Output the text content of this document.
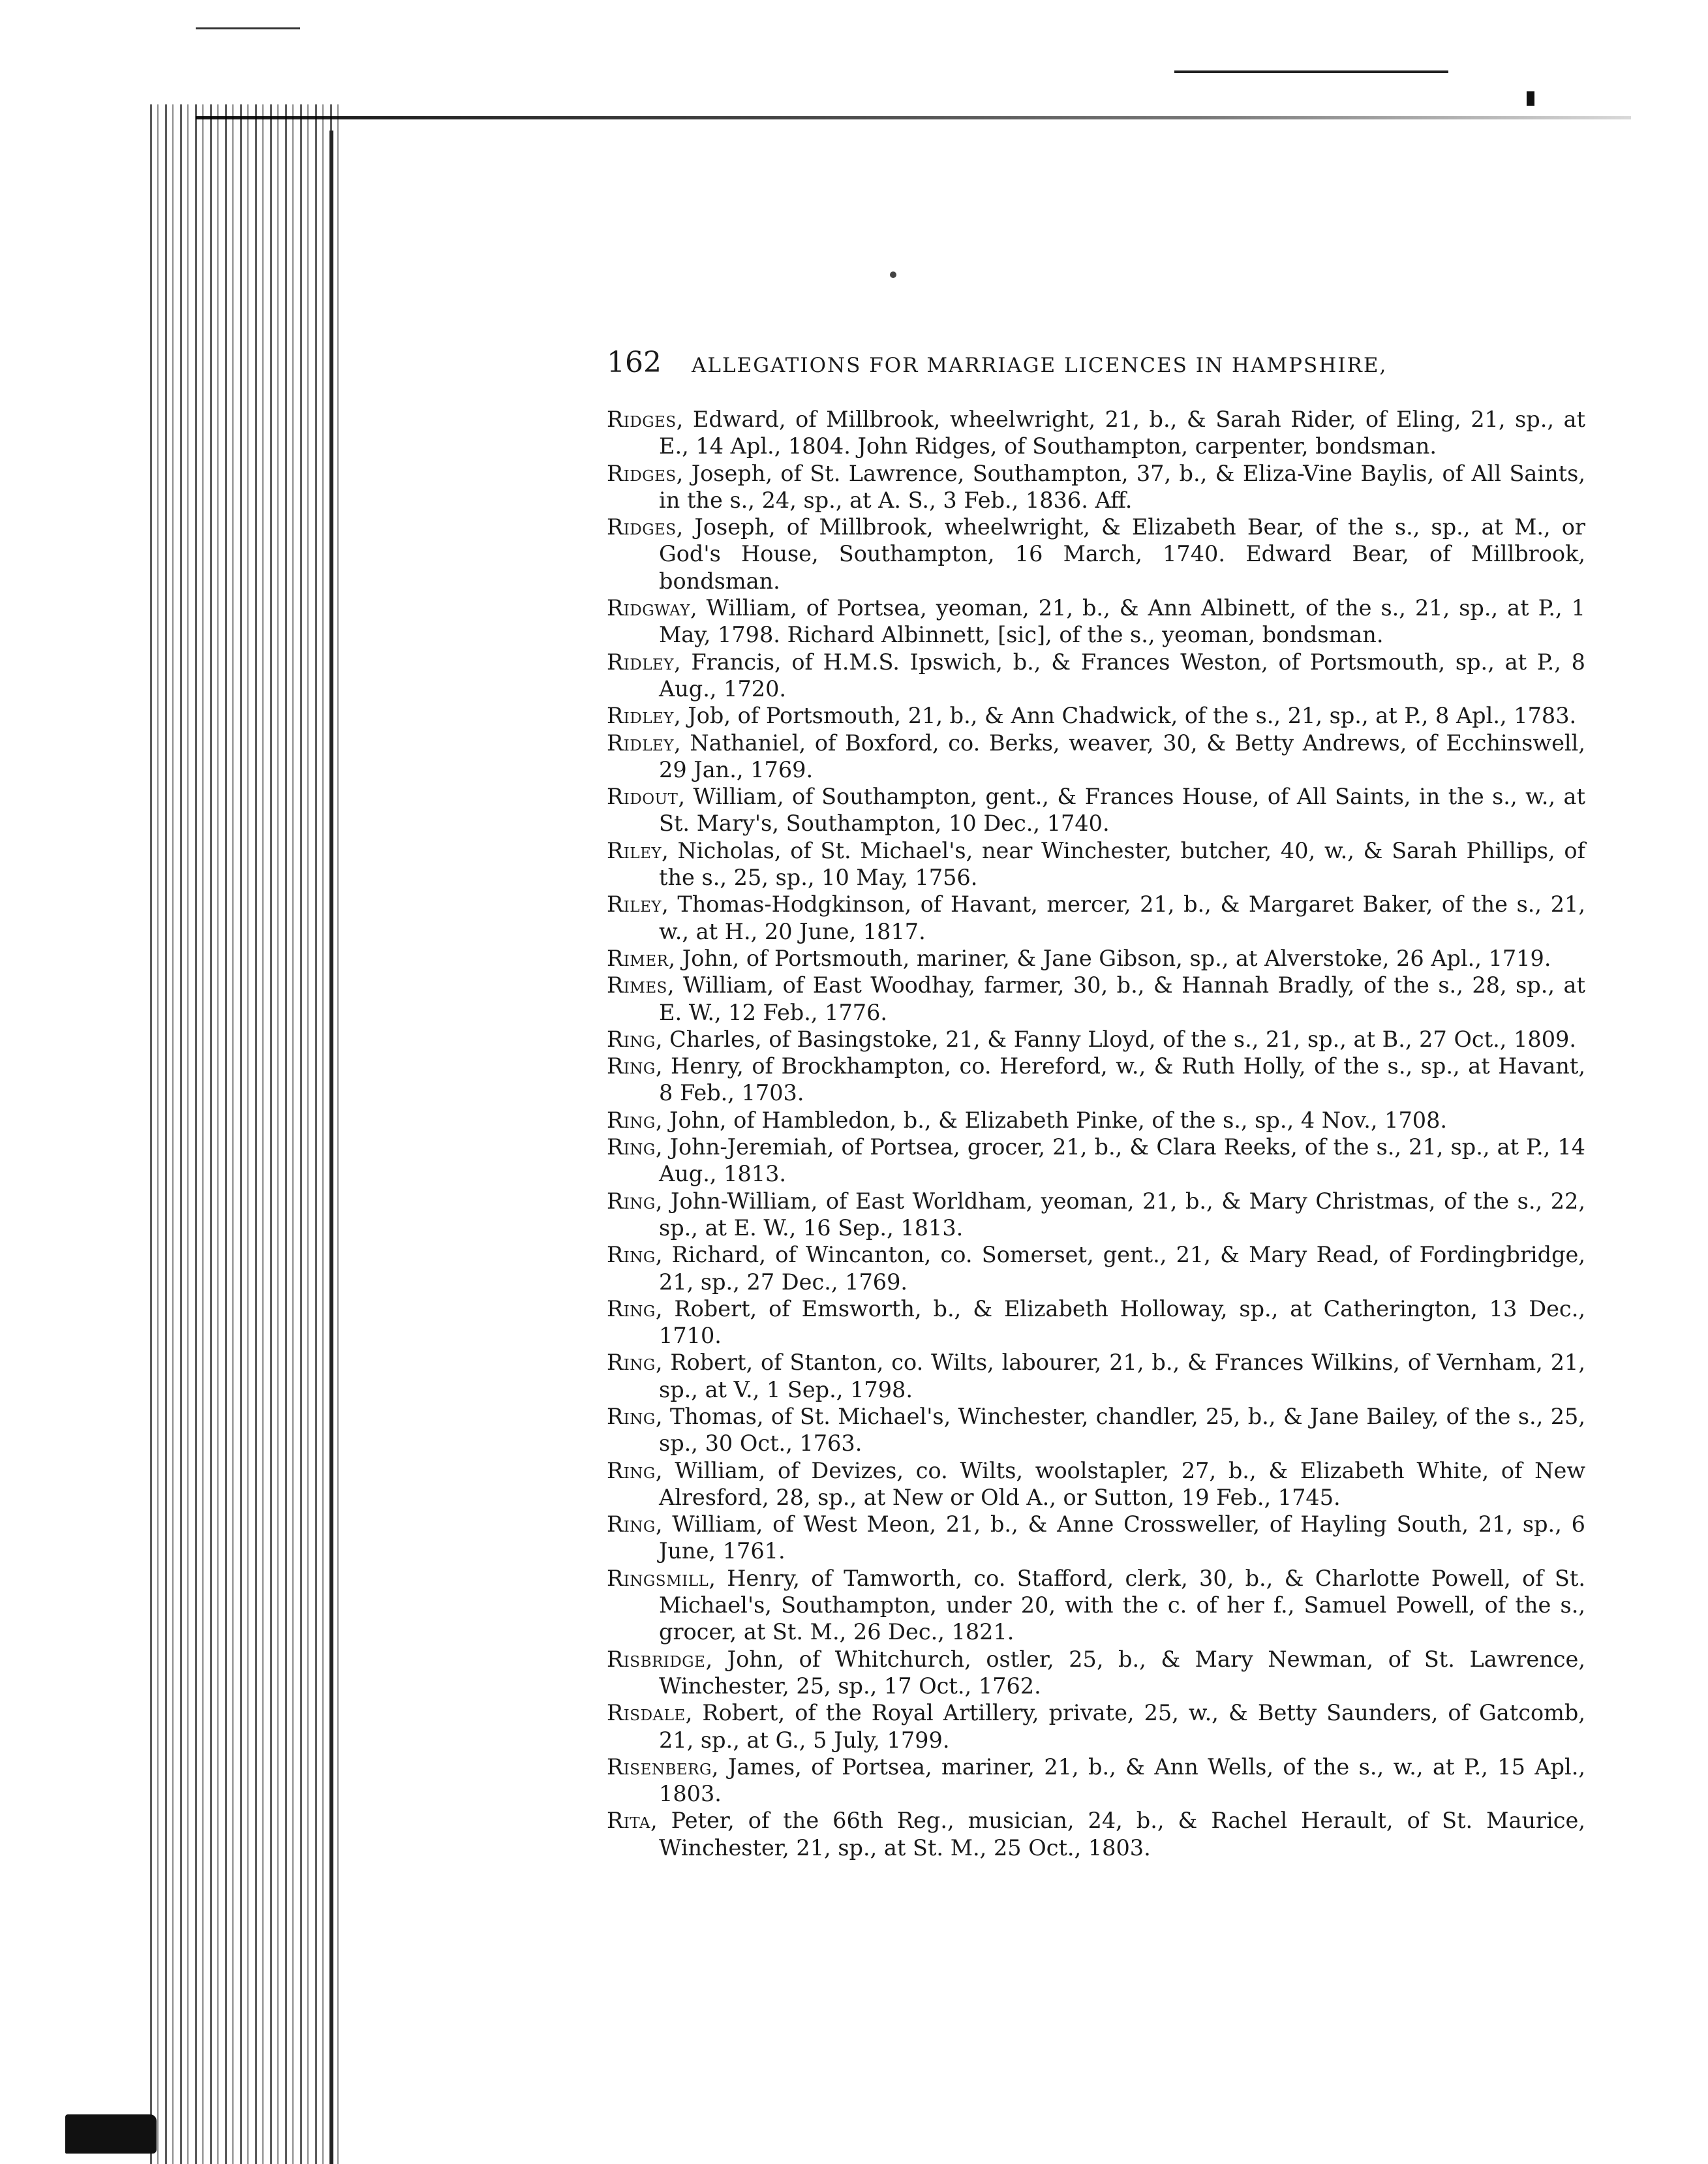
162	ALLEGATIONS FOR MARRIAGE LICENCES IN HAMPSHIRE,
Ridges, Edward, of Millbrook, wheelwright, 21, b., & Sarah Rider, of Eling, 21, sp., at E., 14 Apl., 1804. John Ridges, of Southampton, carpenter, bondsman.
Ridges, Joseph, of St. Lawrence, Southampton, 37, b., & Eliza-Vine Baylis, of All Saints, in the s., 24, sp., at A. S., 3 Feb., 1836. Aff.
Ridges, Joseph, of Millbrook, wheelwright, & Elizabeth Bear, of the s., sp., at M., or God's House, Southampton, 16 March, 1740. Edward Bear, of Millbrook, bondsman.
Ridgway, William, of Portsea, yeoman, 21, b., & Ann Albinett, of the s., 21, sp., at P., 1 May, 1798. Richard Albinnett, [sic], of the s., yeoman, bondsman.
Ridley, Francis, of H.M.S. Ipswich, b., & Frances Weston, of Portsmouth, sp., at P., 8 Aug., 1720.
Ridley, Job, of Portsmouth, 21, b., & Ann Chadwick, of the s., 21, sp., at P., 8 Apl., 1783.
Ridley, Nathaniel, of Boxford, co. Berks, weaver, 30, & Betty Andrews, of Ecchinswell, 29 Jan., 1769.
Ridout, William, of Southampton, gent., & Frances House, of All Saints, in the s., w., at St. Mary's, Southampton, 10 Dec., 1740.
Riley, Nicholas, of St. Michael's, near Winchester, butcher, 40, w., & Sarah Phillips, of the s., 25, sp., 10 May, 1756.
Riley, Thomas-Hodgkinson, of Havant, mercer, 21, b., & Margaret Baker, of the s., 21, w., at H., 20 June, 1817.
Rimer, John, of Portsmouth, mariner, & Jane Gibson, sp., at Alverstoke, 26 Apl., 1719.
Rimes, William, of East Woodhay, farmer, 30, b., & Hannah Bradly, of the s., 28, sp., at E. W., 12 Feb., 1776.
Ring, Charles, of Basingstoke, 21, & Fanny Lloyd, of the s., 21, sp., at B., 27 Oct., 1809.
Ring, Henry, of Brockhampton, co. Hereford, w., & Ruth Holly, of the s., sp., at Havant, 8 Feb., 1703.
Ring, John, of Hambledon, b., & Elizabeth Pinke, of the s., sp., 4 Nov., 1708.
Ring, John-Jeremiah, of Portsea, grocer, 21, b., & Clara Reeks, of the s., 21, sp., at P., 14 Aug., 1813.
Ring, John-William, of East Worldham, yeoman, 21, b., & Mary Christmas, of the s., 22, sp., at E. W., 16 Sep., 1813.
Ring, Richard, of Wincanton, co. Somerset, gent., 21, & Mary Read, of Fordingbridge, 21, sp., 27 Dec., 1769.
Ring, Robert, of Emsworth, b., & Elizabeth Holloway, sp., at Catherington, 13 Dec., 1710.
Ring, Robert, of Stanton, co. Wilts, labourer, 21, b., & Frances Wilkins, of Vernham, 21, sp., at V., 1 Sep., 1798.
Ring, Thomas, of St. Michael's, Winchester, chandler, 25, b., & Jane Bailey, of the s., 25, sp., 30 Oct., 1763.
Ring, William, of Devizes, co. Wilts, woolstapler, 27, b., & Elizabeth White, of New Alresford, 28, sp., at New or Old A., or Sutton, 19 Feb., 1745.
Ring, William, of West Meon, 21, b., & Anne Crossweller, of Hayling South, 21, sp., 6 June, 1761.
Ringsmill, Henry, of Tamworth, co. Stafford, clerk, 30, b., & Charlotte Powell, of St. Michael's, Southampton, under 20, with the c. of her f., Samuel Powell, of the s., grocer, at St. M., 26 Dec., 1821.
Risbridge, John, of Whitchurch, ostler, 25, b., & Mary Newman, of St. Lawrence, Winchester, 25, sp., 17 Oct., 1762.
Risdale, Robert, of the Royal Artillery, private, 25, w., & Betty Saunders, of Gatcomb, 21, sp., at G., 5 July, 1799.
Risenberg, James, of Portsea, mariner, 21, b., & Ann Wells, of the s., w., at P., 15 Apl., 1803.
Rita, Peter, of the 66th Reg., musician, 24, b., & Rachel Herault, of St. Maurice, Winchester, 21, sp., at St. M., 25 Oct., 1803.
